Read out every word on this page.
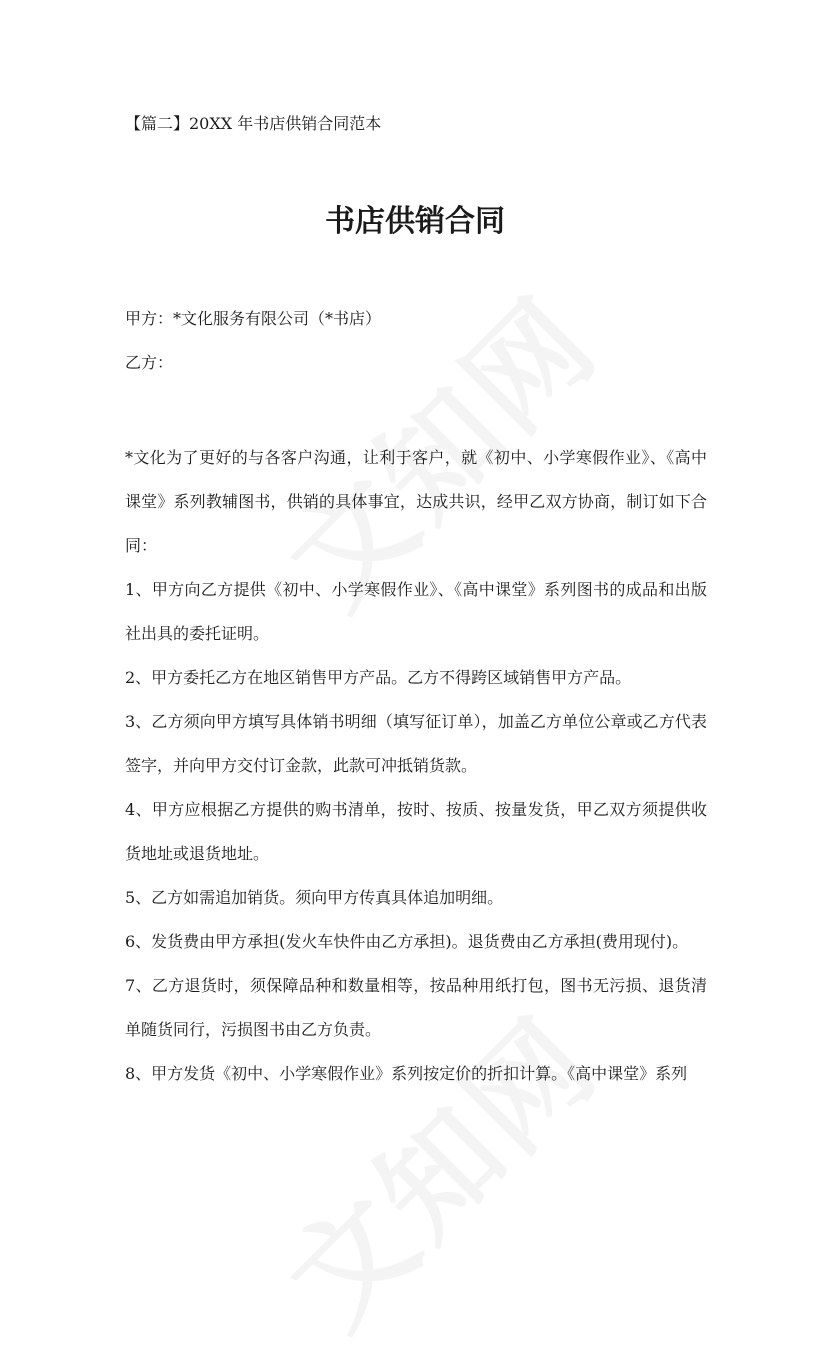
【篇二】20XX 年书店供销合同范本
书店供销合同
甲方：*文化服务有限公司（*书店）
乙方：

*文化为了更好的与各客户沟通，让利于客户，就《初中、小学寒假作业》、《高中课堂》系列教辅图书，供销的具体事宜，达成共识，经甲乙双方协商，制订如下合同：

1、甲方向乙方提供《初中、小学寒假作业》、《高中课堂》系列图书的成品和出版社出具的委托证明。

2、甲方委托乙方在地区销售甲方产品。乙方不得跨区域销售甲方产品。

3、乙方须向甲方填写具体销书明细（填写征订单），加盖乙方单位公章或乙方代表签字，并向甲方交付订金款，此款可冲抵销货款。

4、甲方应根据乙方提供的购书清单，按时、按质、按量发货，甲乙双方须提供收货地址或退货地址。

5、乙方如需追加销货。须向甲方传真具体追加明细。

6、发货费由甲方承担(发火车快件由乙方承担)。退货费由乙方承担(费用现付)。

7、乙方退货时，须保障品种和数量相等，按品种用纸打包，图书无污损、退货清单随货同行，污损图书由乙方负责。

8、甲方发货《初中、小学寒假作业》系列按定价的折扣计算。《高中课堂》系列
